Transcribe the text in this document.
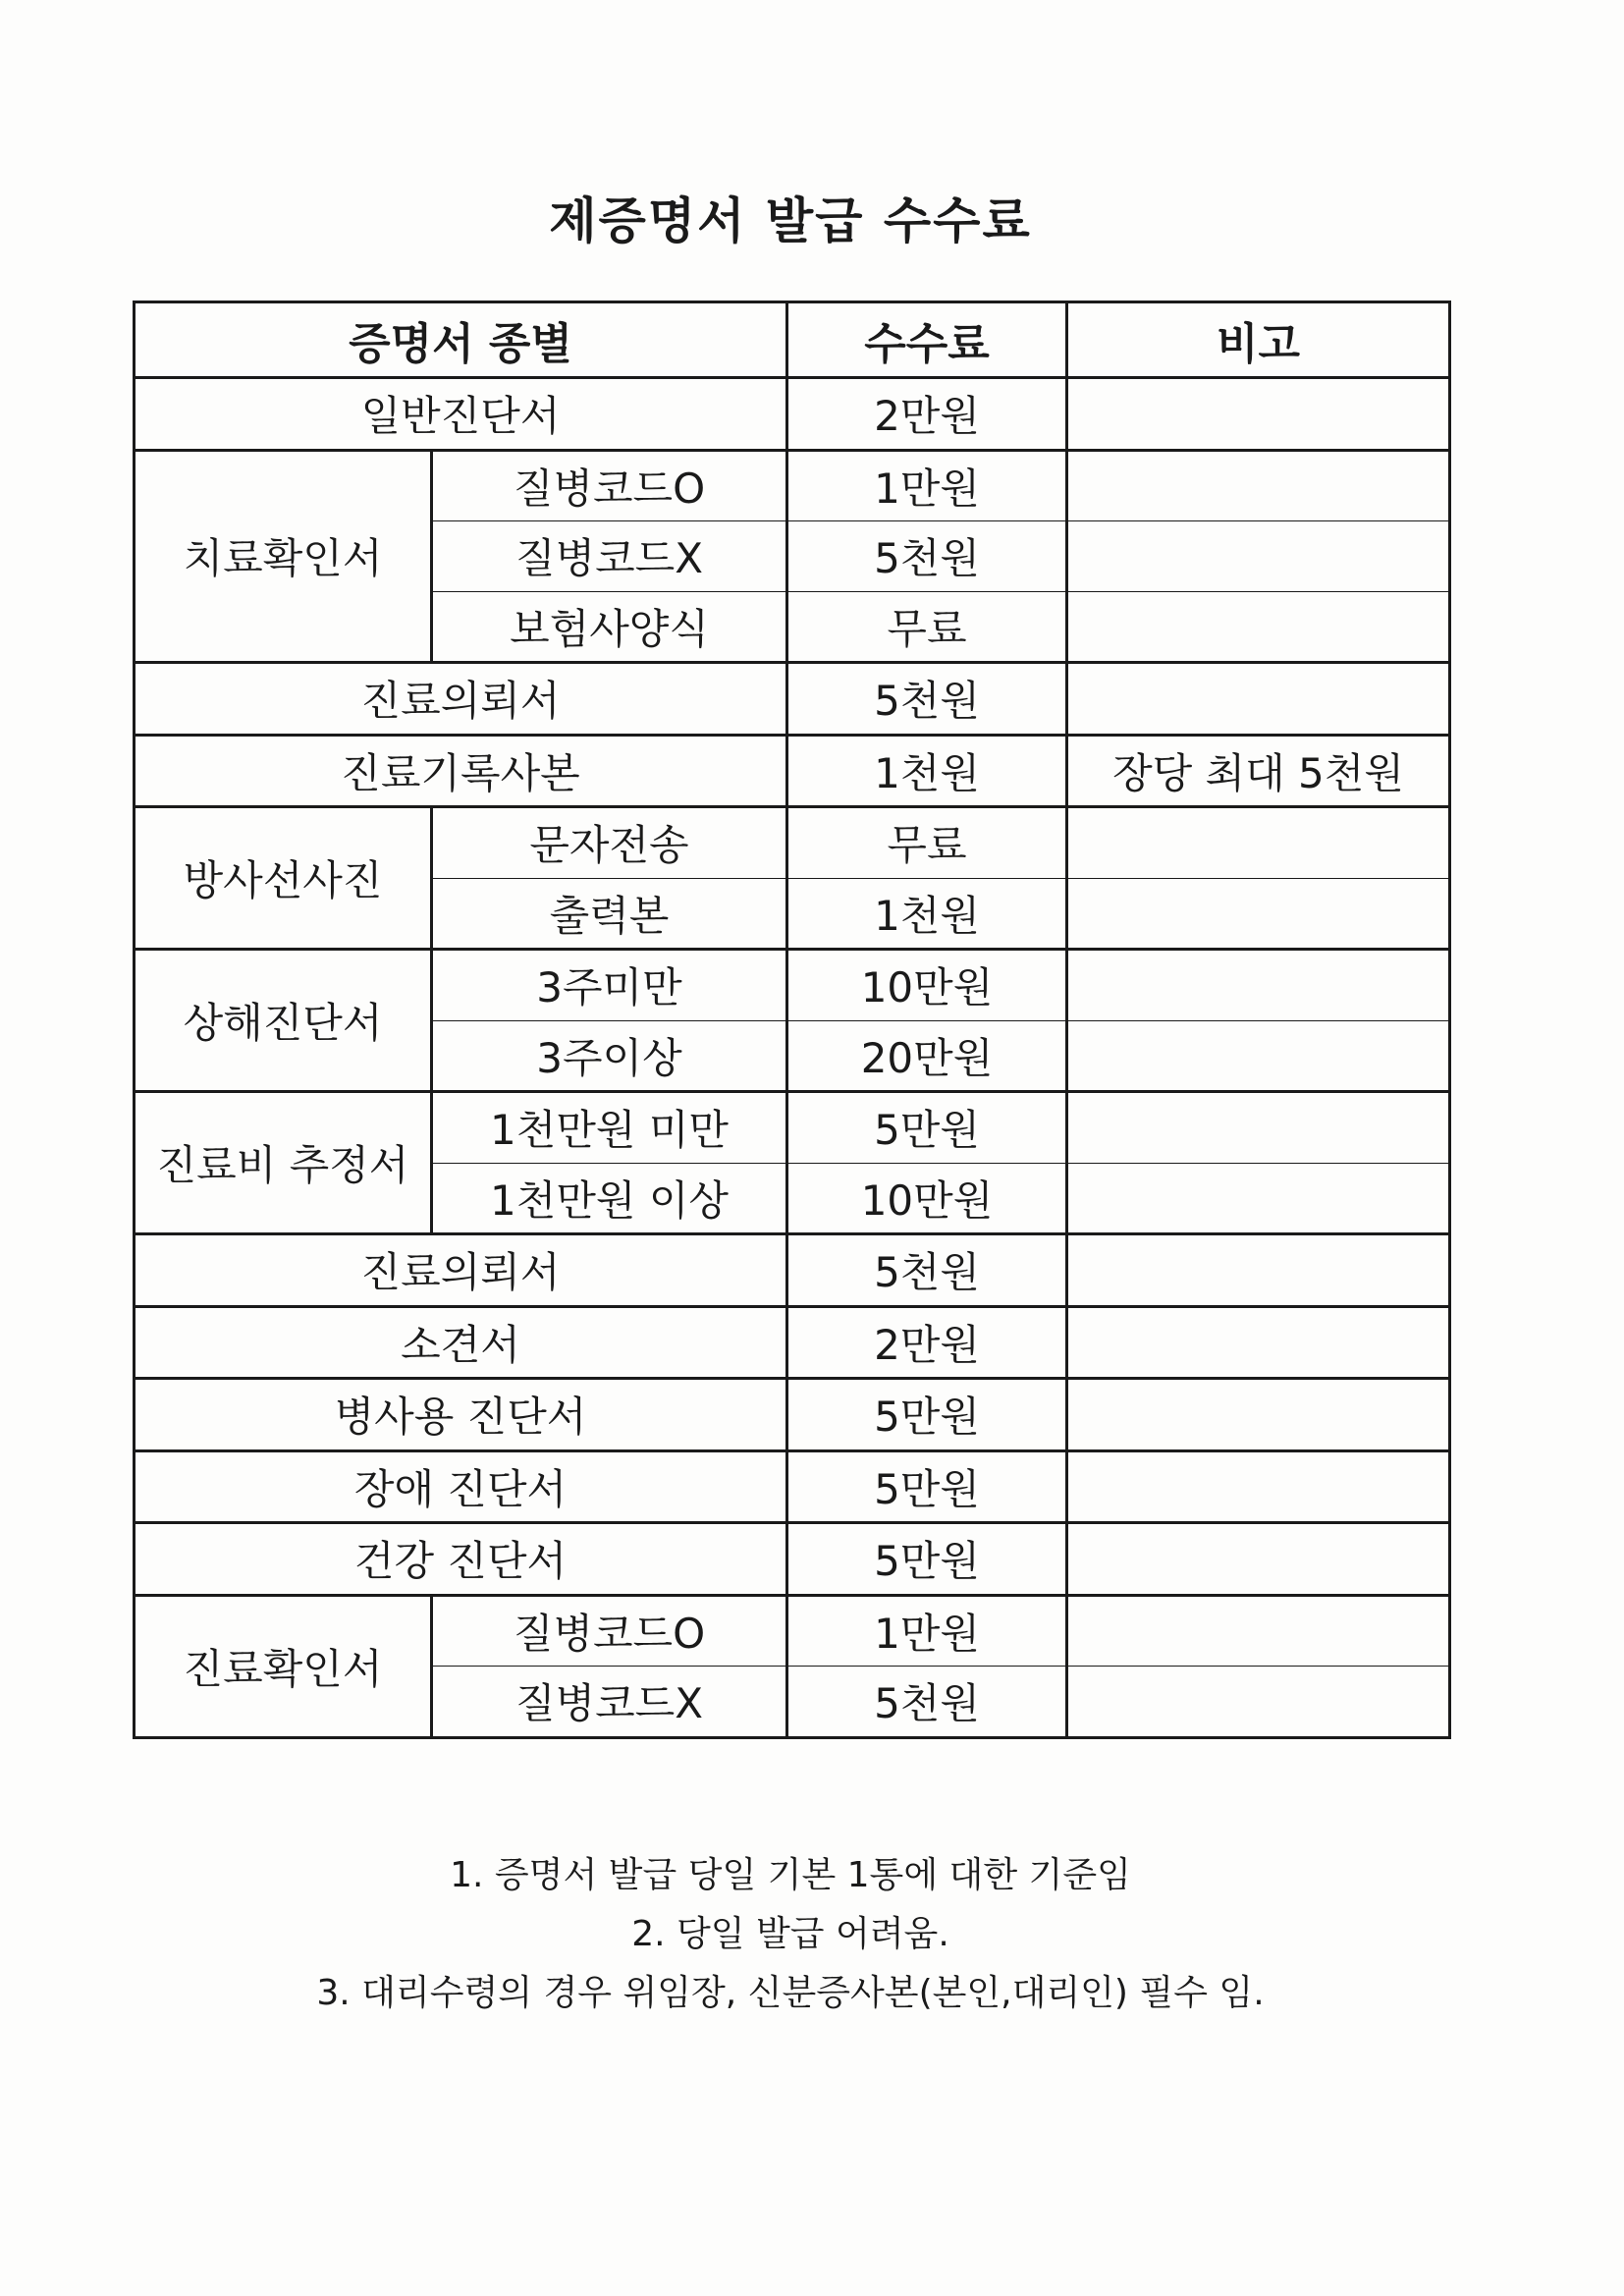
제증명서 발급 수수료
증명서 종별		수수료	비고
일반진단서		2만원	
치료확인서	질병코드O	1만원	
	질병코드X	5천원	
	보험사양식	무료	
진료의뢰서		5천원	
진료기록사본		1천원	장당 최대 5천원
방사선사진	문자전송	무료	
	출력본	1천원	
상해진단서	3주미만	10만원	
	3주이상	20만원	
진료비 추정서	1천만원 미만	5만원	
	1천만원 이상	10만원	
진료의뢰서		5천원	
소견서		2만원	
병사용 진단서		5만원	
장애 진단서		5만원	
건강 진단서		5만원	
진료확인서	질병코드O	1만원	
	질병코드X	5천원	
1. 증명서 발급 당일 기본 1통에 대한 기준임
2. 당일 발급 어려움.
3. 대리수령의 경우 위임장, 신분증사본(본인,대리인) 필수 임.
